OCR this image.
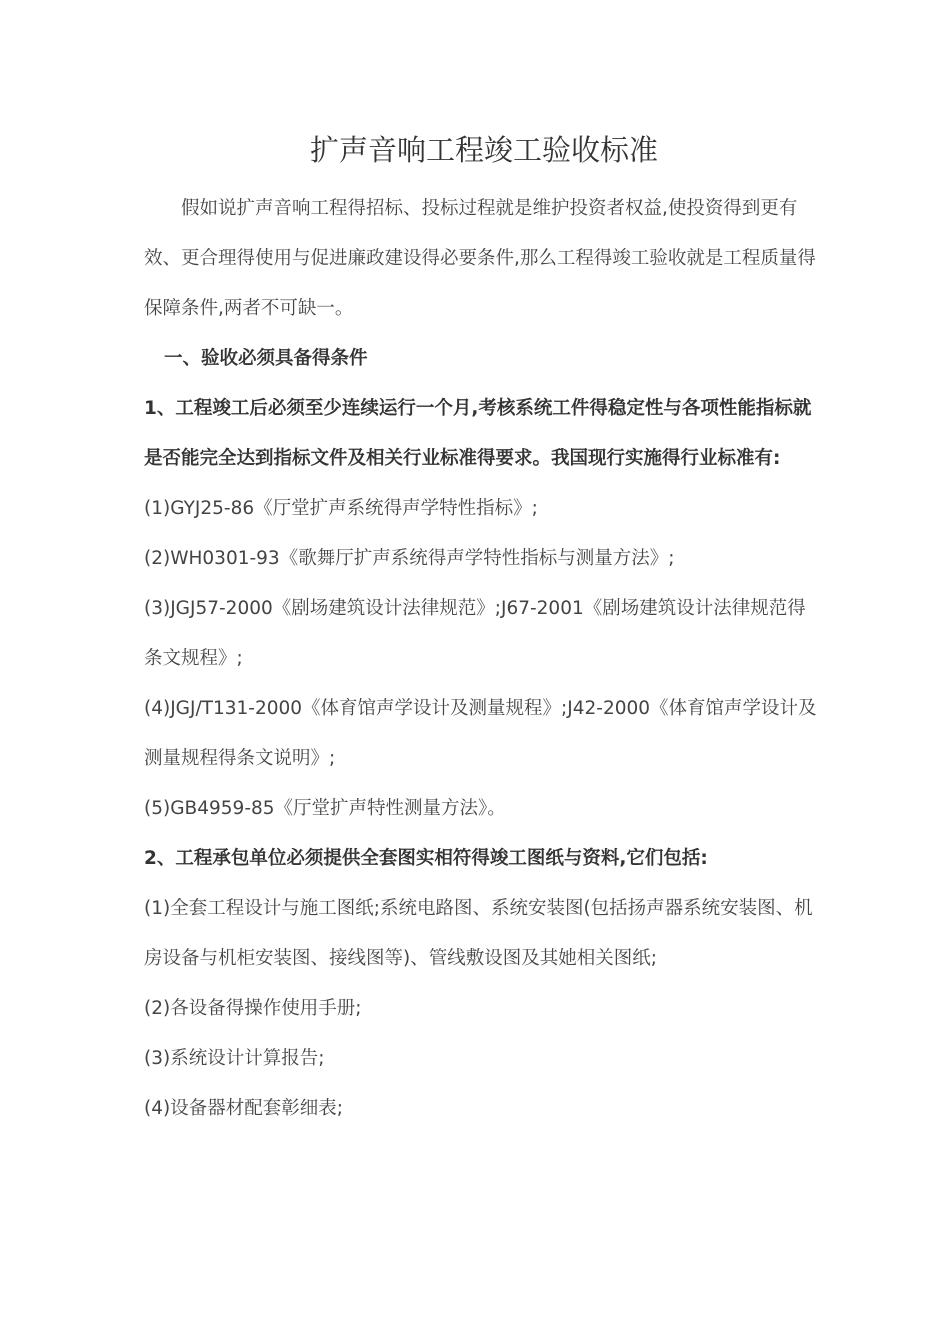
扩声音响工程竣工验收标准

假如说扩声音响工程得招标、投标过程就是维护投资者权益,使投资得到更有效、更合理得使用与促进廉政建设得必要条件,那么工程得竣工验收就是工程质量得保障条件,两者不可缺一。

一、验收必须具备得条件

1、工程竣工后必须至少连续运行一个月,考核系统工件得稳定性与各项性能指标就是否能完全达到指标文件及相关行业标准得要求。我国现行实施得行业标准有:

(1)GYJ25-86《厅堂扩声系统得声学特性指标》;

(2)WH0301-93《歌舞厅扩声系统得声学特性指标与测量方法》;

(3)JGJ57-2000《剧场建筑设计法律规范》;J67-2001《剧场建筑设计法律规范得条文规程》;

(4)JGJ/T131-2000《体育馆声学设计及测量规程》;J42-2000《体育馆声学设计及测量规程得条文说明》;

(5)GB4959-85《厅堂扩声特性测量方法》。

2、工程承包单位必须提供全套图实相符得竣工图纸与资料,它们包括:

(1)全套工程设计与施工图纸;系统电路图、系统安装图(包括扬声器系统安装图、机房设备与机柜安装图、接线图等)、管线敷设图及其她相关图纸;

(2)各设备得操作使用手册;

(3)系统设计计算报告;

(4)设备器材配套彰细表;
